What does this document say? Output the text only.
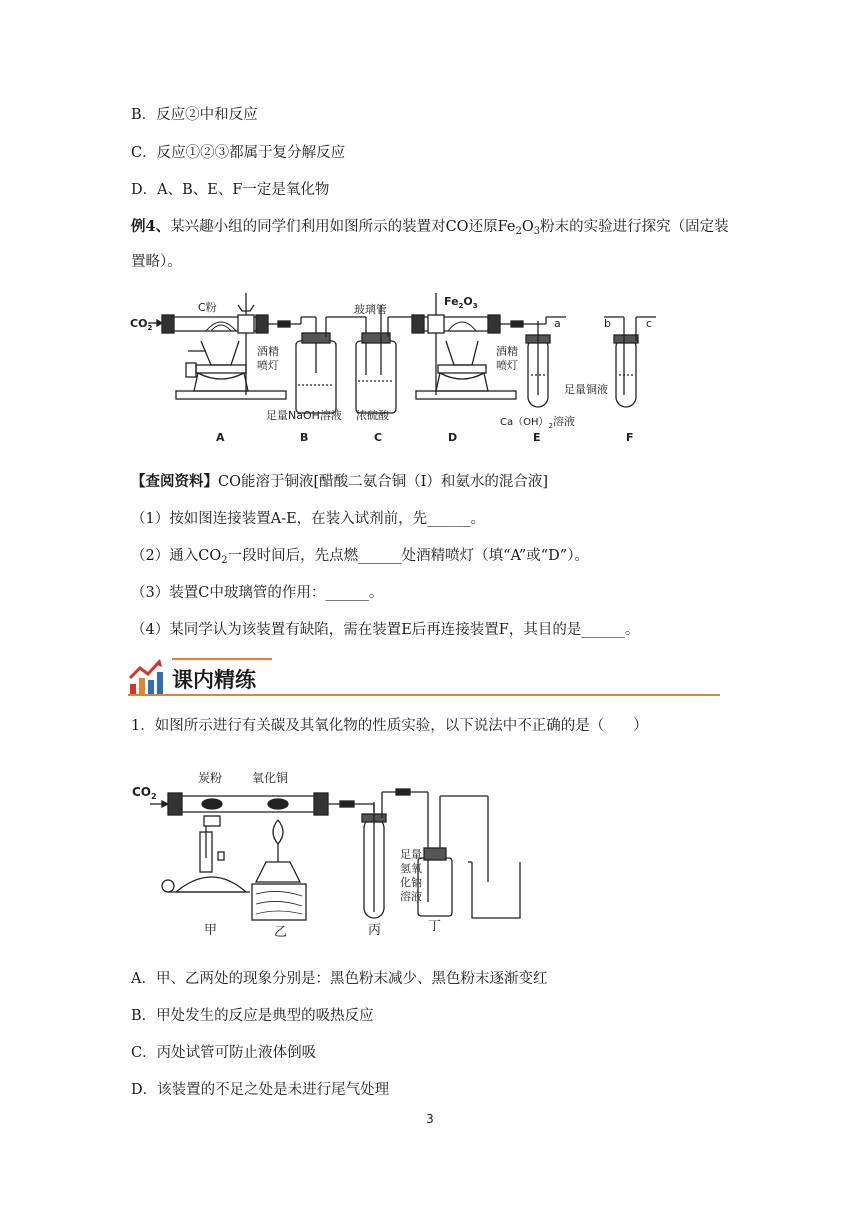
B．反应②中和反应
C．反应①②③都属于复分解反应
D．A、B、E、F一定是氧化物
例4、某兴趣小组的同学们利用如图所示的装置对CO还原$Fe_2O_3$粉末的实验进行探究（固定装置略）。
$CO_2$
C粉	玻璃管
$Fe_2O_3$
酒精
喷灯
酒精
喷灯
足量NaOH溶液 浓硫酸
$Ca(OH)_2$溶液
足量铜液
a	b	c
A	B	C	D	E	F
【查阅资料】CO能溶于铜液[醋酸二氨合铜（Ⅰ）和氨水的混合液]
（1）按如图连接装置A-E，在装入试剂前，先______。
（2）通入$CO_2$一段时间后，先点燃______处酒精喷灯（填“A”或“D”）。
（3）装置C中玻璃管的作用：______。
（4）某同学认为该装置有缺陷，需在装置E后再连接装置F，其目的是______。
课内精练
1．如图所示进行有关碳及其氧化物的性质实验，以下说法中不正确的是（　　）
$CO_2$
炭粉 氧化铜
足量
氢氧
化钠
溶液
甲	乙	丙	丁
A．甲、乙两处的现象分别是：黑色粉末减少、黑色粉末逐渐变红
B．甲处发生的反应是典型的吸热反应
C．丙处试管可防止液体倒吸
D．该装置的不足之处是未进行尾气处理
3
